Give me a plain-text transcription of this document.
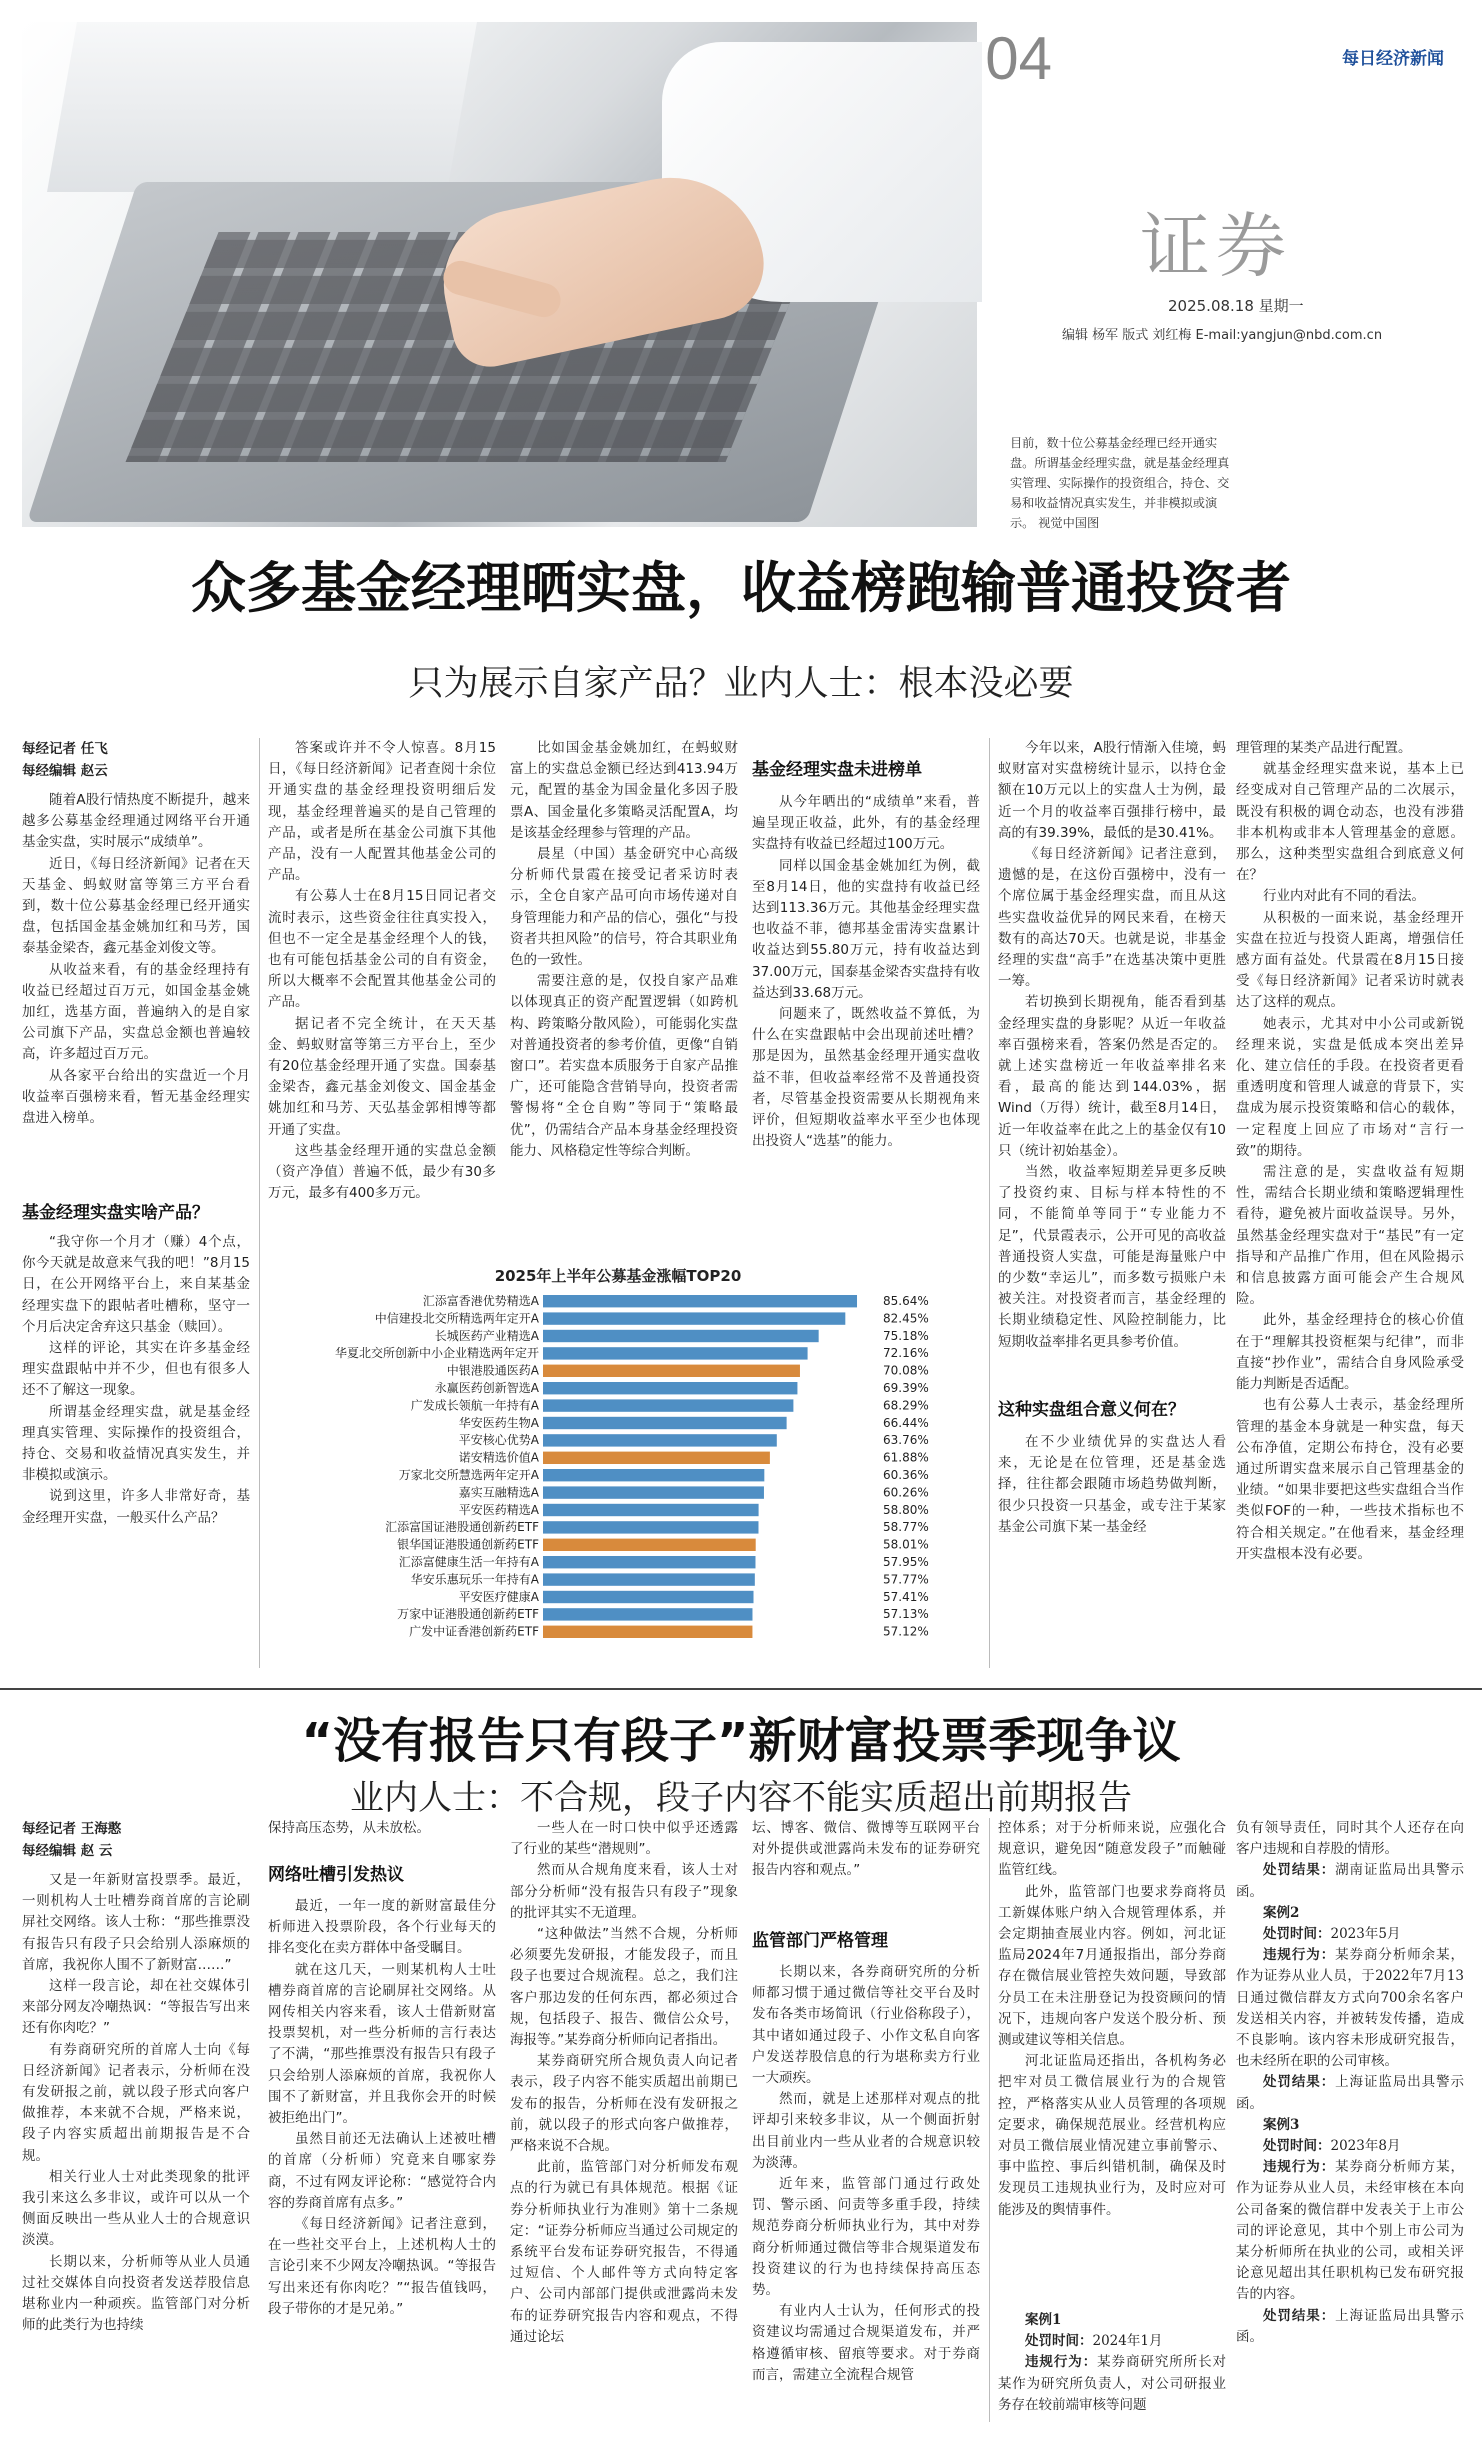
04	每日经济新闻
证券
2025.08.18 星期一
编辑 杨军 版式 刘红梅 E-mail:yangjun@nbd.com.cn
目前，数十位公募基金经理已经开通实盘。所谓基金经理实盘，就是基金经理真实管理、实际操作的投资组合，持仓、交易和收益情况真实发生，并非模拟或演示。 视觉中国图
众多基金经理晒实盘，收益榜跑输普通投资者
只为展示自家产品？业内人士：根本没必要
每经记者 任飞
每经编辑 赵云

随着A股行情热度不断提升，越来越多公募基金经理通过网络平台开通基金实盘，实时展示“成绩单”。

近日，《每日经济新闻》记者在天天基金、蚂蚁财富等第三方平台看到，数十位公募基金经理已经开通实盘，包括国金基金姚加红和马芳，国泰基金梁杏，鑫元基金刘俊文等。

从收益来看，有的基金经理持有收益已经超过百万元，如国金基金姚加红，选基方面，普遍纳入的是自家公司旗下产品，实盘总金额也普遍较高，许多超过百万元。

从各家平台给出的实盘近一个月收益率百强榜来看，暂无基金经理实盘进入榜单。

基金经理实盘实啥产品？

“我守你一个月才（赚）4个点，你今天就是故意来气我的吧！”8月15日，在公开网络平台上，来自某基金经理实盘下的跟帖者吐槽称，坚守一个月后决定舍弃这只基金（赎回）。

这样的评论，其实在许多基金经理实盘跟帖中并不少，但也有很多人还不了解这一现象。

所谓基金经理实盘，就是基金经理真实管理、实际操作的投资组合，持仓、交易和收益情况真实发生，并非模拟或演示。

说到这里，许多人非常好奇，基金经理开实盘，一般买什么产品？

答案或许并不令人惊喜。8月15日，《每日经济新闻》记者查阅十余位开通实盘的基金经理投资明细后发现，基金经理普遍买的是自己管理的产品，或者是所在基金公司旗下其他产品，没有一人配置其他基金公司的产品。

有公募人士在8月15日同记者交流时表示，这些资金往往真实投入，但也不一定全是基金经理个人的钱，也有可能包括基金公司的自有资金，所以大概率不会配置其他基金公司的产品。

据记者不完全统计，在天天基金、蚂蚁财富等第三方平台上，至少有20位基金经理开通了实盘。国泰基金梁杏，鑫元基金刘俊文、国金基金姚加红和马芳、天弘基金郭相博等都开通了实盘。

这些基金经理开通的实盘总金额（资产净值）普遍不低，最少有30多万元，最多有400多万元。

比如国金基金姚加红，在蚂蚁财富上的实盘总金额已经达到413.94万元，配置的基金为国金量化多因子股票A、国金量化多策略灵活配置A，均是该基金经理参与管理的产品。

晨星（中国）基金研究中心高级分析师代景霞在接受记者采访时表示，全仓自家产品可向市场传递对自身管理能力和产品的信心，强化“与投资者共担风险”的信号，符合其职业角色的一致性。

需要注意的是，仅投自家产品难以体现真正的资产配置逻辑（如跨机构、跨策略分散风险），可能弱化实盘对普通投资者的参考价值，更像“自销窗口”。若实盘本质服务于自家产品推广，还可能隐含营销导向，投资者需警惕将“全仓自购”等同于“策略最优”，仍需结合产品本身基金经理投资能力、风格稳定性等综合判断。

基金经理实盘未进榜单

从今年晒出的“成绩单”来看，普遍呈现正收益，此外，有的基金经理实盘持有收益已经超过100万元。

同样以国金基金姚加红为例，截至8月14日，他的实盘持有收益已经达到113.36万元。其他基金经理实盘也收益不菲，德邦基金雷涛实盘累计收益达到55.80万元，持有收益达到37.00万元，国泰基金梁杏实盘持有收益达到33.68万元。

问题来了，既然收益不算低，为什么在实盘跟帖中会出现前述吐槽？那是因为，虽然基金经理开通实盘收益不菲，但收益率经常不及普通投资者，尽管基金投资需要从长期视角来评价，但短期收益率水平至少也体现出投资人“选基”的能力。

今年以来，A股行情渐入佳境，蚂蚁财富对实盘榜统计显示，以持仓金额在10万元以上的实盘人士为例，最近一个月的收益率百强排行榜中，最高的有39.39%，最低的是30.41%。

《每日经济新闻》记者注意到，遗憾的是，在这份百强榜中，没有一个席位属于基金经理实盘，而且从这些实盘收益优异的网民来看，在榜天数有的高达70天。也就是说，非基金经理的实盘“高手”在选基决策中更胜一筹。

若切换到长期视角，能否看到基金经理实盘的身影呢？从近一年收益率百强榜来看，答案仍然是否定的。就上述实盘榜近一年收益率排名来看，最高的能达到144.03%，据Wind（万得）统计，截至8月14日，近一年收益率在此之上的基金仅有10只（统计初始基金）。

当然，收益率短期差异更多反映了投资约束、目标与样本特性的不同，不能简单等同于“专业能力不足”，代景霞表示，公开可见的高收益普通投资人实盘，可能是海量账户中的少数“幸运儿”，而多数亏损账户未被关注。对投资者而言，基金经理的长期业绩稳定性、风险控制能力，比短期收益率排名更具参考价值。

这种实盘组合意义何在？

在不少业绩优异的实盘达人看来，无论是在位管理，还是基金选择，往往都会跟随市场趋势做判断，很少只投资一只基金，或专注于某家基金公司旗下某一基金经

理管理的某类产品进行配置。

就基金经理实盘来说，基本上已经变成对自己管理产品的二次展示，既没有积极的调仓动态，也没有涉猎非本机构或非本人管理基金的意愿。那么，这种类型实盘组合到底意义何在？

行业内对此有不同的看法。

从积极的一面来说，基金经理开实盘在拉近与投资人距离，增强信任感方面有益处。代景霞在8月15日接受《每日经济新闻》记者采访时就表达了这样的观点。

她表示，尤其对中小公司或新锐经理来说，实盘是低成本突出差异化、建立信任的手段。在投资者更看重透明度和管理人诚意的背景下，实盘成为展示投资策略和信心的载体，一定程度上回应了市场对“言行一致”的期待。

需注意的是，实盘收益有短期性，需结合长期业绩和策略逻辑理性看待，避免被片面收益误导。另外，虽然基金经理实盘对于“基民”有一定指导和产品推广作用，但在风险揭示和信息披露方面可能会产生合规风险。

此外，基金经理持仓的核心价值在于“理解其投资框架与纪律”，而非直接“抄作业”，需结合自身风险承受能力判断是否适配。

也有公募人士表示，基金经理所管理的基金本身就是一种实盘，每天公布净值，定期公布持仓，没有必要通过所谓实盘来展示自己管理基金的业绩。“如果非要把这些实盘组合当作类似FOF的一种，一些技术指标也不符合相关规定。”在他看来，基金经理开实盘根本没有必要。

2025年上半年公募基金涨幅TOP20
汇添富香港优势精选A	85.64%
中信建投北交所精选两年定开A	82.45%
长城医药产业精选A	75.18%
华夏北交所创新中小企业精选两年定开	72.16%
中银港股通医药A	70.08%
永赢医药创新智选A	69.39%
广发成长领航一年持有A	68.29%
华安医药生物A	66.44%
平安核心优势A	63.76%
诺安精选价值A	61.88%
万家北交所慧选两年定开A	60.36%
嘉实互融精选A	60.26%
平安医药精选A	58.80%
汇添富国证港股通创新药ETF	58.77%
银华国证港股通创新药ETF	58.01%
汇添富健康生活一年持有A	57.95%
华安乐惠玩乐一年持有A	57.77%
平安医疗健康A	57.41%
万家中证港股通创新药ETF	57.13%
广发中证香港创新药ETF	57.12%
“没有报告只有段子”新财富投票季现争议
业内人士：不合规，段子内容不能实质超出前期报告
每经记者 王海憨
每经编辑 赵 云

又是一年新财富投票季。最近，一则机构人士吐槽券商首席的言论刷屏社交网络。该人士称：“那些推票没有报告只有段子只会给别人添麻烦的首席，我祝你人围不了新财富……”

这样一段言论，却在社交媒体引来部分网友冷嘲热讽：“等报告写出来还有你肉吃？”

有券商研究所的首席人士向《每日经济新闻》记者表示，分析师在没有发研报之前，就以段子形式向客户做推荐，本来就不合规，严格来说，段子内容实质超出前期报告是不合规。

相关行业人士对此类现象的批评我引来这么多非议，或许可以从一个侧面反映出一些从业人士的合规意识淡漠。

长期以来，分析师等从业人员通过社交媒体自向投资者发送荐股信息堪称业内一种顽疾。监管部门对分析师的此类行为也持续

保持高压态势，从未放松。

网络吐槽引发热议

最近，一年一度的新财富最佳分析师进入投票阶段，各个行业每天的排名变化在卖方群体中备受瞩目。

就在这几天，一则某机构人士吐槽券商首席的言论刷屏社交网络。从网传相关内容来看，该人士借新财富投票契机，对一些分析师的言行表达了不满，“那些推票没有报告只有段子只会给别人添麻烦的首席，我祝你人围不了新财富，并且我你会开的时候被拒绝出门”。

虽然目前还无法确认上述被吐槽的首席（分析师）究竟来自哪家券商，不过有网友评论称：“感觉符合内容的券商首席有点多。”

《每日经济新闻》记者注意到，在一些社交平台上，上述机构人士的言论引来不少网友冷嘲热讽。“等报告写出来还有你肉吃？”“报告值钱吗，段子带你的才是兄弟。”

一些人在一时口快中似乎还透露了行业的某些“潜规则”。

然而从合规角度来看，该人士对部分分析师“没有报告只有段子”现象的批评其实不无道理。

“这种做法”当然不合规，分析师必须要先发研报，才能发段子，而且段子也要过合规流程。总之，我们注客户那边发的任何东西，都必须过合规，包括段子、报告、微信公众号，海报等。”某券商分析师向记者指出。

某券商研究所合规负责人向记者表示，段子内容不能实质超出前期已发布的报告，分析师在没有发研报之前，就以段子的形式向客户做推荐，严格来说不合规。

此前，监管部门对分析师发布观点的行为就已有具体规范。根据《证券分析师执业行为准则》第十二条规定：“证券分析师应当通过公司规定的系统平台发布证券研究报告，不得通过短信、个人邮件等方式向特定客户、公司内部部门提供或泄露尚未发布的证券研究报告内容和观点，不得通过论坛

坛、博客、微信、微博等互联网平台对外提供或泄露尚未发布的证券研究报告内容和观点。”

监管部门严格管理

长期以来，各券商研究所的分析师都习惯于通过微信等社交平台及时发布各类市场简讯（行业俗称段子），其中诸如通过段子、小作文私自向客户发送荐股信息的行为堪称卖方行业一大顽疾。

然而，就是上述那样对观点的批评却引来较多非议，从一个侧面折射出目前业内一些从业者的合规意识较为淡薄。

近年来，监管部门通过行政处罚、警示函、问责等多重手段，持续规范券商分析师执业行为，其中对券商分析师通过微信等非合规渠道发布投资建议的行为也持续保持高压态势。

有业内人士认为，任何形式的投资建议均需通过合规渠道发布，并严格遵循审核、留痕等要求。对于券商而言，需建立全流程合规管

控体系；对于分析师来说，应强化合规意识，避免因“随意发段子”而触碰监管红线。

此外，监管部门也要求券商将员工新媒体账户纳入合规管理体系，并会定期抽查展业内容。例如，河北证监局2024年7月通报指出，部分券商存在微信展业管控失效问题，导致部分员工在未注册登记为投资顾问的情况下，违规向客户发送个股分析、预测或建议等相关信息。

河北证监局还指出，各机构务必把牢对员工微信展业行为的合规管控，严格落实从业人员管理的各项规定要求，确保规范展业。经营机构应对员工微信展业情况建立事前警示、事中监控、事后纠错机制，确保及时发现员工违规执业行为，及时应对可能涉及的舆情事件。

案例1

处罚时间：2024年1月

违规行为：某券商研究所所长对某作为研究所负责人，对公司研报业务存在较前端审核等问题

负有领导责任，同时其个人还存在向客户违规和自荐股的情形。

处罚结果：湖南证监局出具警示函。

案例2

处罚时间：2023年5月

违规行为：某券商分析师余某，作为证券从业人员，于2022年7月13日通过微信群友方式向700余名客户发送相关内容，并被转发传播，造成不良影响。该内容未形成研究报告，也未经所在职的公司审核。

处罚结果：上海证监局出具警示函。

案例3

处罚时间：2023年8月

违规行为：某券商分析师方某，作为证券从业人员，未经审核在本向公司备案的微信群中发表关于上市公司的评论意见，其中个别上市公司为某分析师所在执业的公司，或相关评论意见超出其任职机构已发布研究报告的内容。

处罚结果：上海证监局出具警示函。
